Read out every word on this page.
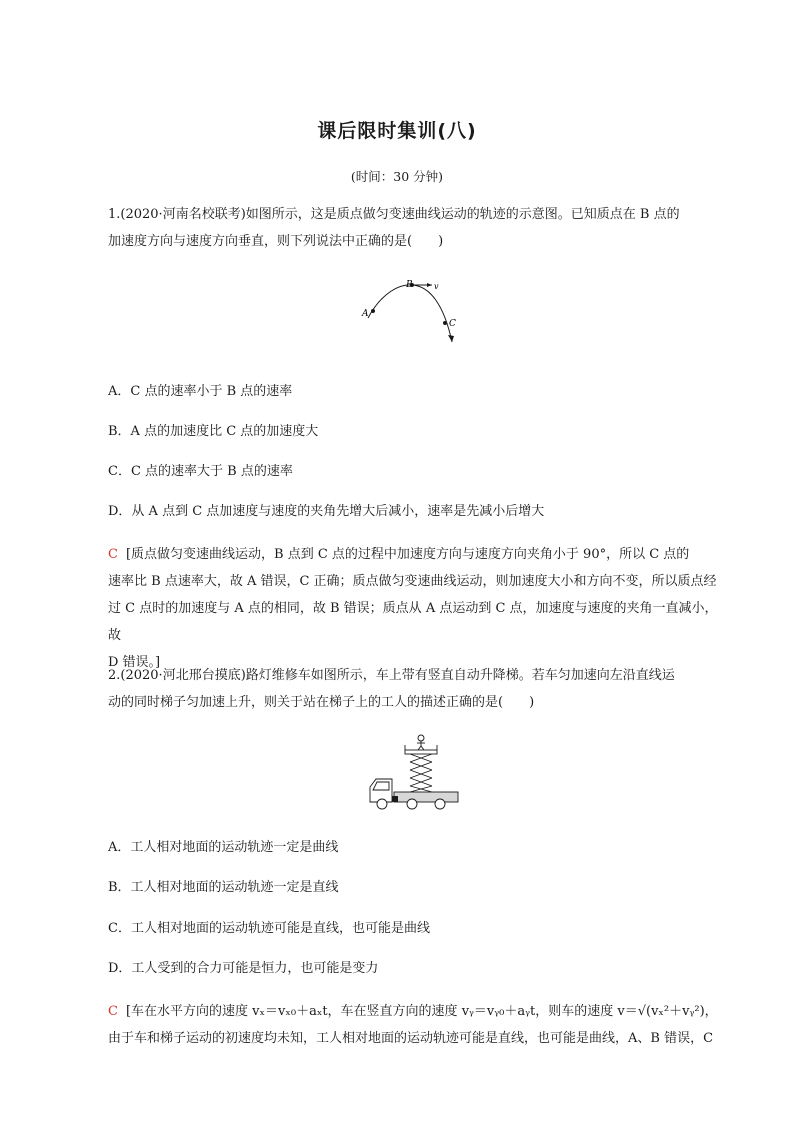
课后限时集训(八)
(时间：30 分钟)
1.(2020·河南名校联考)如图所示，这是质点做匀变速曲线运动的轨迹的示意图。已知质点在 B 点的
加速度方向与速度方向垂直，则下列说法中正确的是(　　)
A
B
C
v
A．C 点的速率小于 B 点的速率
B．A 点的加速度比 C 点的加速度大
C．C 点的速率大于 B 点的速率
D．从 A 点到 C 点加速度与速度的夹角先增大后减小，速率是先减小后增大
C [质点做匀变速曲线运动，B 点到 C 点的过程中加速度方向与速度方向夹角小于 90°，所以 C 点的
速率比 B 点速率大，故 A 错误，C 正确；质点做匀变速曲线运动，则加速度大小和方向不变，所以质点经
过 C 点时的加速度与 A 点的相同，故 B 错误；质点从 A 点运动到 C 点，加速度与速度的夹角一直减小，故
D 错误。]
2.(2020·河北邢台摸底)路灯维修车如图所示，车上带有竖直自动升降梯。若车匀加速向左沿直线运
动的同时梯子匀加速上升，则关于站在梯子上的工人的描述正确的是(　　)
A．工人相对地面的运动轨迹一定是曲线
B．工人相对地面的运动轨迹一定是直线
C．工人相对地面的运动轨迹可能是直线，也可能是曲线
D．工人受到的合力可能是恒力，也可能是变力
C [车在水平方向的速度 vₓ＝vₓ₀＋aₓt，车在竖直方向的速度 vᵧ＝vᵧ₀＋aᵧt，则车的速度 v＝√(vₓ²＋vᵧ²)，
由于车和梯子运动的初速度均未知，工人相对地面的运动轨迹可能是直线，也可能是曲线，A、B 错误，C
